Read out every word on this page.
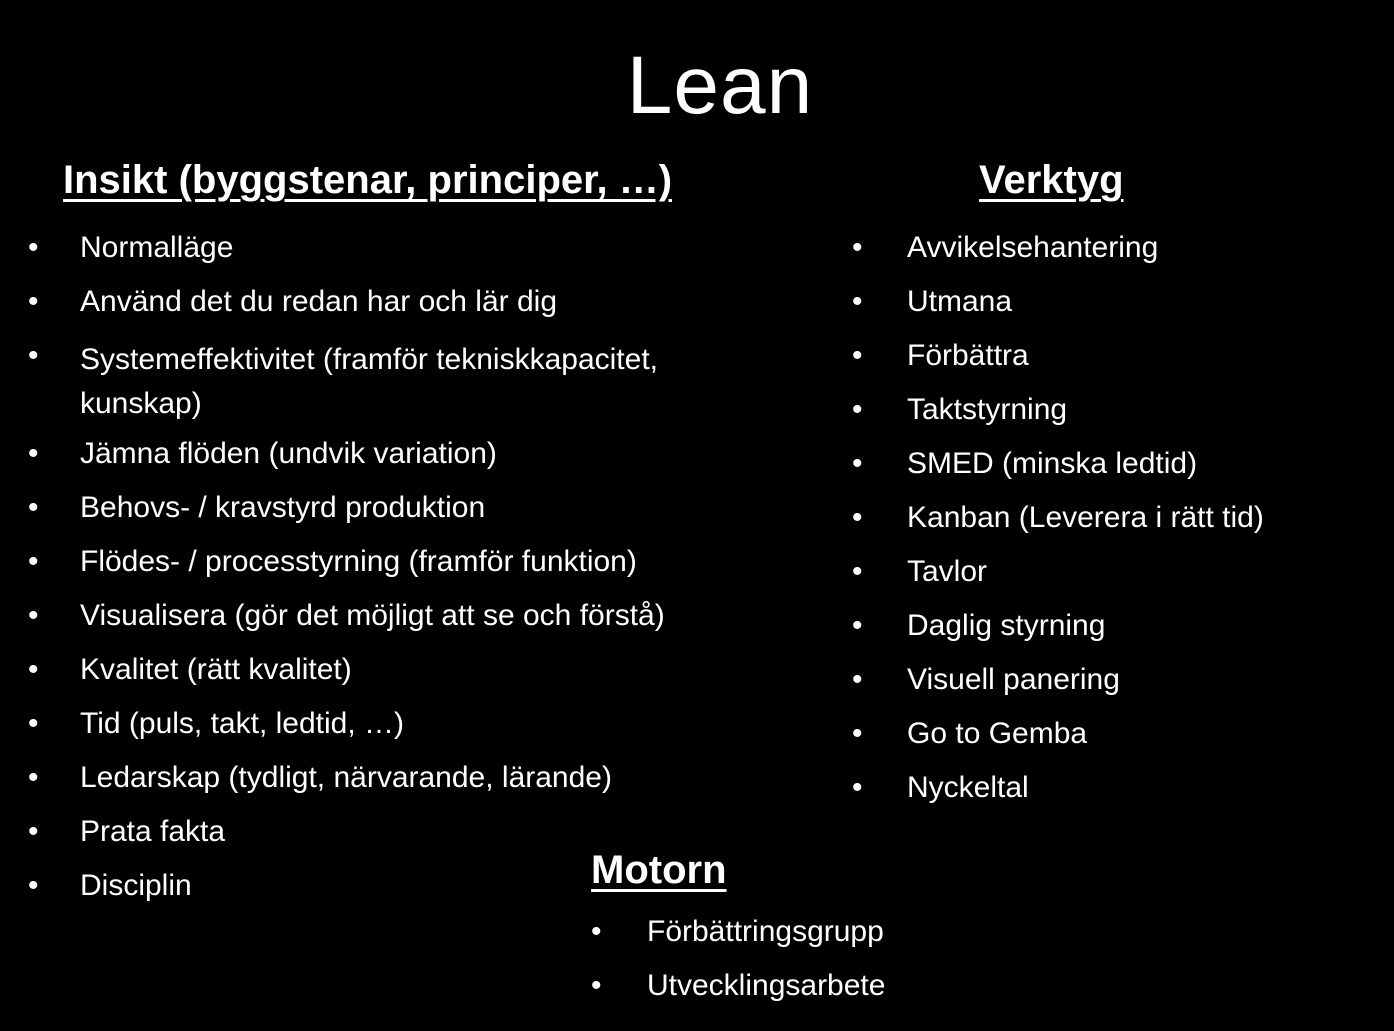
Lean
Insikt (byggstenar, principer, …)
• Normalläge
• Använd det du redan har och lär dig
• Systemeffektivitet (framför tekniskkapacitet, kunskap)
• Jämna flöden (undvik variation)
• Behovs- / kravstyrd produktion
• Flödes- / processtyrning (framför funktion)
• Visualisera (gör det möjligt att se och förstå)
• Kvalitet (rätt kvalitet)
• Tid (puls, takt, ledtid, …)
• Ledarskap (tydligt, närvarande, lärande)
• Prata fakta
• Disciplin
Verktyg
• Avvikelsehantering
• Utmana
• Förbättra
• Taktstyrning
• SMED (minska ledtid)
• Kanban (Leverera i rätt tid)
• Tavlor
• Daglig styrning
• Visuell panering
• Go to Gemba
• Nyckeltal
Motorn
• Förbättringsgrupp
• Utvecklingsarbete
